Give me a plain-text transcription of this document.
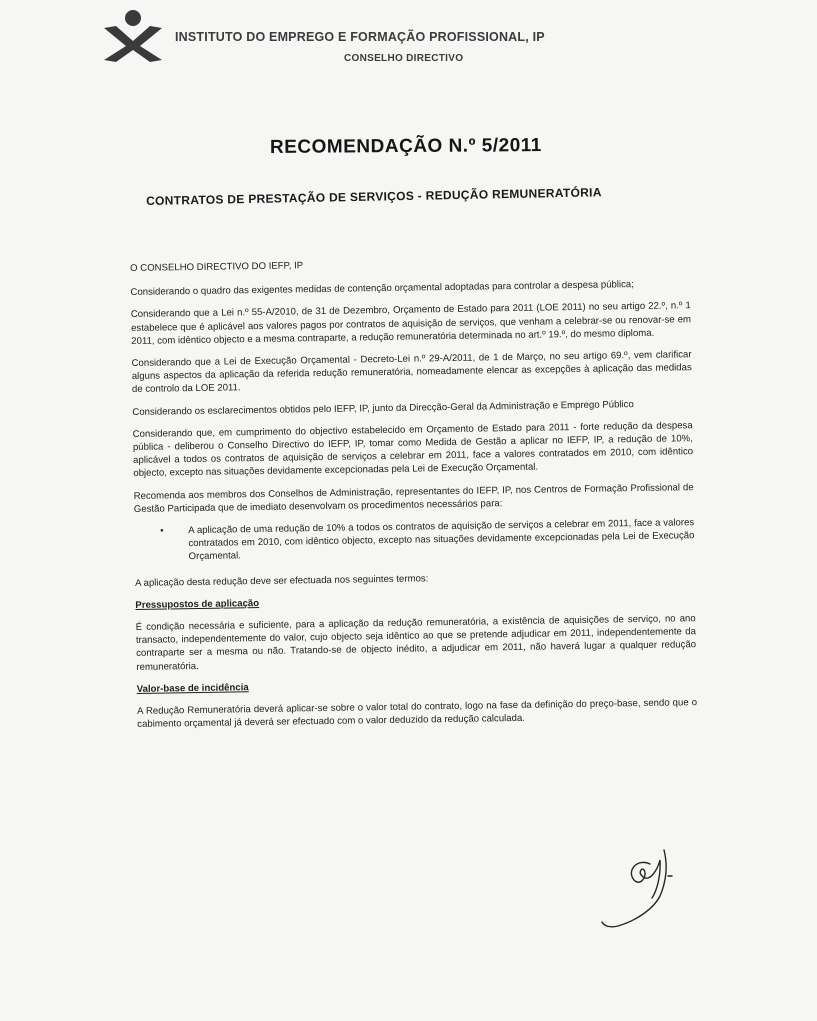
INSTITUTO DO EMPREGO E FORMAÇÃO PROFISSIONAL, IP
CONSELHO DIRECTIVO
RECOMENDAÇÃO N.º 5/2011
CONTRATOS DE PRESTAÇÃO DE SERVIÇOS - REDUÇÃO REMUNERATÓRIA

O CONSELHO DIRECTIVO DO IEFP, IP

Considerando o quadro das exigentes medidas de contenção orçamental adoptadas para controlar a despesa pública;

Considerando que a Lei n.º 55-A/2010, de 31 de Dezembro, Orçamento de Estado para 2011 (LOE 2011) no seu artigo 22.º, n.º 1 estabelece que é aplicável aos valores pagos por contratos de aquisição de serviços, que venham a celebrar-se ou renovar-se em 2011, com idêntico objecto e a mesma contraparte, a redução remuneratória determinada no art.º 19.º, do mesmo diploma.

Considerando que a Lei de Execução Orçamental - Decreto-Lei n.º 29-A/2011, de 1 de Março, no seu artigo 69.º, vem clarificar alguns aspectos da aplicação da referida redução remuneratória, nomeadamente elencar as excepções à aplicação das medidas de controlo da LOE 2011.

Considerando os esclarecimentos obtidos pelo IEFP, IP, junto da Direcção-Geral da Administração e Emprego Público

Considerando que, em cumprimento do objectivo estabelecido em Orçamento de Estado para 2011 - forte redução da despesa pública - deliberou o Conselho Directivo do IEFP, IP, tomar como Medida de Gestão a aplicar no IEFP, IP, a redução de 10%, aplicável a todos os contratos de aquisição de serviços a celebrar em 2011, face a valores contratados em 2010, com idêntico objecto, excepto nas situações devidamente excepcionadas pela Lei de Execução Orçamental.

Recomenda aos membros dos Conselhos de Administração, representantes do IEFP, IP, nos Centros de Formação Profissional de Gestão Participada que de imediato desenvolvam os procedimentos necessários para:

•	A aplicação de uma redução de 10% a todos os contratos de aquisição de serviços a celebrar em 2011, face a valores contratados em 2010, com idêntico objecto, excepto nas situações devidamente excepcionadas pela Lei de Execução Orçamental.

A aplicação desta redução deve ser efectuada nos seguintes termos:

Pressupostos de aplicação

É condição necessária e suficiente, para a aplicação da redução remuneratória, a existência de aquisições de serviço, no ano transacto, independentemente do valor, cujo objecto seja idêntico ao que se pretende adjudicar em 2011, independentemente da contraparte ser a mesma ou não. Tratando-se de objecto inédito, a adjudicar em 2011, não haverá lugar a qualquer redução remuneratória.

Valor-base de incidência

A Redução Remuneratória deverá aplicar-se sobre o valor total do contrato, logo na fase da definição do preço-base, sendo que o cabimento orçamental já deverá ser efectuado com o valor deduzido da redução calculada.
